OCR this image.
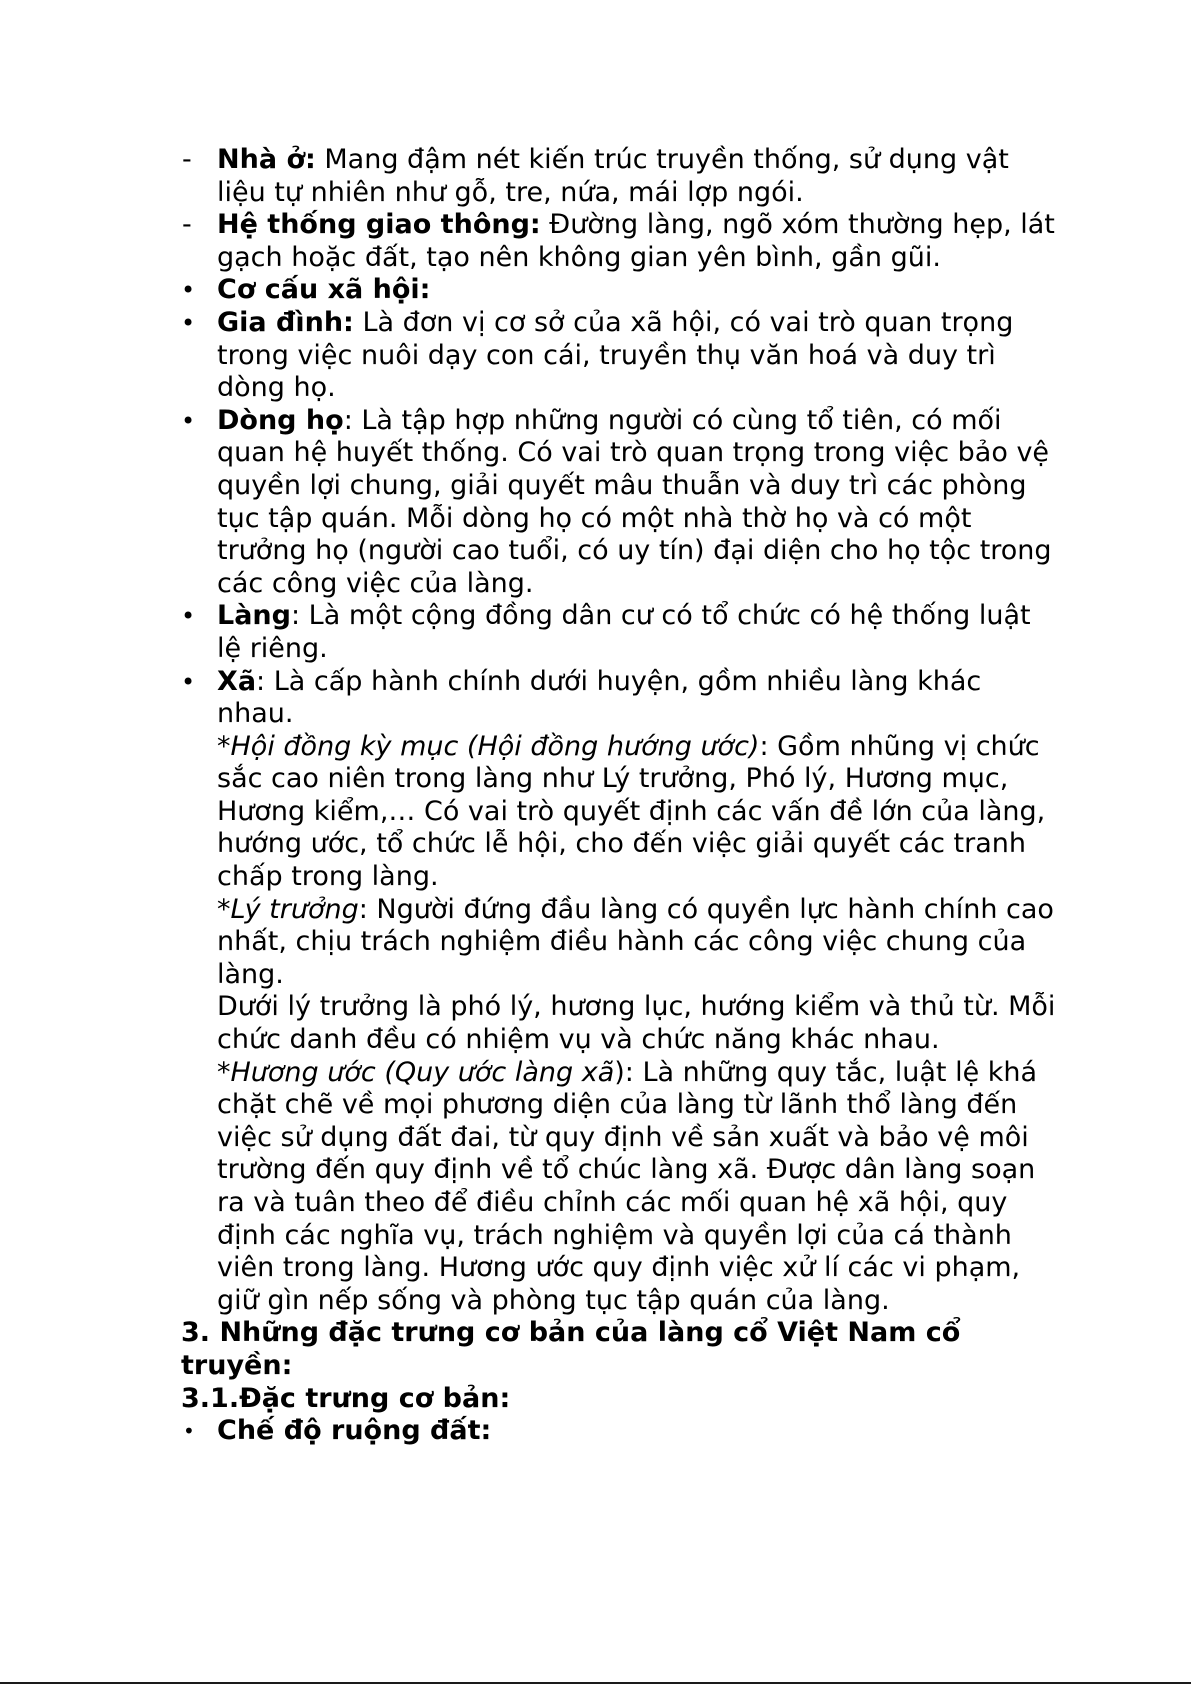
- Nhà ở: Mang đậm nét kiến trúc truyền thống, sử dụng vật liệu tự nhiên như gỗ, tre, nứa, mái lợp ngói.
- Hệ thống giao thông: Đường làng, ngõ xóm thường hẹp, lát gạch hoặc đất, tạo nên không gian yên bình, gần gũi.
• Cơ cấu xã hội:
• Gia đình: Là đơn vị cơ sở của xã hội, có vai trò quan trọng trong việc nuôi dạy con cái, truyền thụ văn hoá và duy trì dòng họ.
• Dòng họ: Là tập hợp những người có cùng tổ tiên, có mối quan hệ huyết thống. Có vai trò quan trọng trong việc bảo vệ quyền lợi chung, giải quyết mâu thuẫn và duy trì các phòng tục tập quán. Mỗi dòng họ có một nhà thờ họ và có một trưởng họ (người cao tuổi, có uy tín) đại diện cho họ tộc trong các công việc của làng.
• Làng: Là một cộng đồng dân cư có tổ chức có hệ thống luật lệ riêng.
• Xã: Là cấp hành chính dưới huyện, gồm nhiều làng khác nhau.
*Hội đồng kỳ mục (Hội đồng hướng ước): Gồm nhũng vị chức sắc cao niên trong làng như Lý trưởng, Phó lý, Hương mục, Hương kiểm,… Có vai trò quyết định các vấn đề lớn của làng, hướng ước, tổ chức lễ hội, cho đến việc giải quyết các tranh chấp trong làng.
*Lý trưởng: Người đứng đầu làng có quyền lực hành chính cao nhất, chịu trách nghiệm điều hành các công việc chung của làng.
Dưới lý trưởng là phó lý, hương lục, hướng kiểm và thủ từ. Mỗi chức danh đều có nhiệm vụ và chức năng khác nhau.
*Hương ước (Quy ước làng xã): Là những quy tắc, luật lệ khá chặt chẽ về mọi phương diện của làng từ lãnh thổ làng đến việc sử dụng đất đai, từ quy định về sản xuất và bảo vệ môi trường đến quy định về tổ chúc làng xã. Được dân làng soạn ra và tuân theo để điều chỉnh các mối quan hệ xã hội, quy định các nghĩa vụ, trách nghiệm và quyền lợi của cá thành viên trong làng. Hương ước quy định việc xử lí các vi phạm, giữ gìn nếp sống và phòng tục tập quán của làng.
3. Những đặc trưng cơ bản của làng cổ Việt Nam cổ truyền:
3.1.Đặc trưng cơ bản:
• Chế độ ruộng đất:
